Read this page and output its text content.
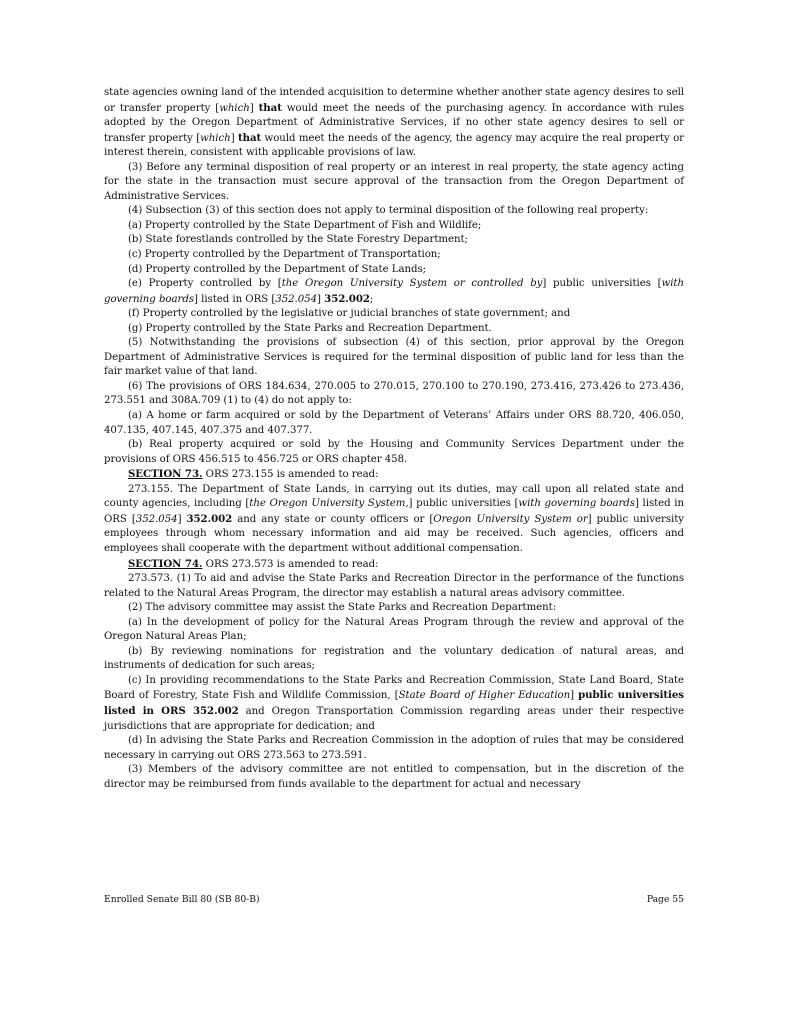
state agencies owning land of the intended acquisition to determine whether another state agency desires to sell or transfer property [which] that would meet the needs of the purchasing agency. In accordance with rules adopted by the Oregon Department of Administrative Services, if no other state agency desires to sell or transfer property [which] that would meet the needs of the agency, the agency may acquire the real property or interest therein, consistent with applicable provisions of law.

(3) Before any terminal disposition of real property or an interest in real property, the state agency acting for the state in the transaction must secure approval of the transaction from the Oregon Department of Administrative Services.

(4) Subsection (3) of this section does not apply to terminal disposition of the following real property:

(a) Property controlled by the State Department of Fish and Wildlife;

(b) State forestlands controlled by the State Forestry Department;

(c) Property controlled by the Department of Transportation;

(d) Property controlled by the Department of State Lands;

(e) Property controlled by [the Oregon University System or controlled by] public universities [with governing boards] listed in ORS [352.054] 352.002;

(f) Property controlled by the legislative or judicial branches of state government; and

(g) Property controlled by the State Parks and Recreation Department.

(5) Notwithstanding the provisions of subsection (4) of this section, prior approval by the Oregon Department of Administrative Services is required for the terminal disposition of public land for less than the fair market value of that land.

(6) The provisions of ORS 184.634, 270.005 to 270.015, 270.100 to 270.190, 273.416, 273.426 to 273.436, 273.551 and 308A.709 (1) to (4) do not apply to:

(a) A home or farm acquired or sold by the Department of Veterans’ Affairs under ORS 88.720, 406.050, 407.135, 407.145, 407.375 and 407.377.

(b) Real property acquired or sold by the Housing and Community Services Department under the provisions of ORS 456.515 to 456.725 or ORS chapter 458.

SECTION 73. ORS 273.155 is amended to read:

273.155. The Department of State Lands, in carrying out its duties, may call upon all related state and county agencies, including [the Oregon University System,] public universities [with governing boards] listed in ORS [352.054] 352.002 and any state or county officers or [Oregon University System or] public university employees through whom necessary information and aid may be received. Such agencies, officers and employees shall cooperate with the department without additional compensation.

SECTION 74. ORS 273.573 is amended to read:

273.573. (1) To aid and advise the State Parks and Recreation Director in the performance of the functions related to the Natural Areas Program, the director may establish a natural areas advisory committee.

(2) The advisory committee may assist the State Parks and Recreation Department:

(a) In the development of policy for the Natural Areas Program through the review and approval of the Oregon Natural Areas Plan;

(b) By reviewing nominations for registration and the voluntary dedication of natural areas, and instruments of dedication for such areas;

(c) In providing recommendations to the State Parks and Recreation Commission, State Land Board, State Board of Forestry, State Fish and Wildlife Commission, [State Board of Higher Education] public universities listed in ORS 352.002 and Oregon Transportation Commission regarding areas under their respective jurisdictions that are appropriate for dedication; and

(d) In advising the State Parks and Recreation Commission in the adoption of rules that may be considered necessary in carrying out ORS 273.563 to 273.591.

(3) Members of the advisory committee are not entitled to compensation, but in the discretion of the director may be reimbursed from funds available to the department for actual and necessary

Enrolled Senate Bill 80 (SB 80-B)	Page 55
